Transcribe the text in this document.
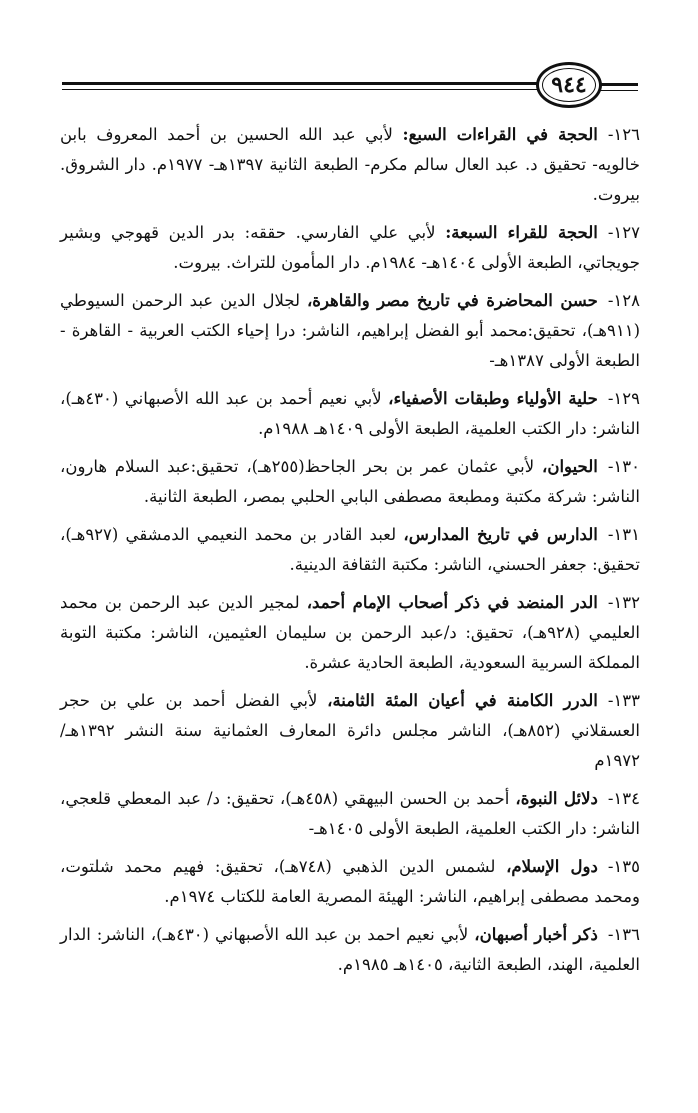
٩٤٤

١٢٦-الحجة في القراءات السبع: لأبي عبد الله الحسين بن أحمد المعروف بابن خالويه- تحقيق د. عبد العال سالم مكرم- الطبعة الثانية ١٣٩٧هـ- ١٩٧٧م. دار الشروق. بيروت.

١٢٧-الحجة للقراء السبعة: لأبي علي الفارسي. حققه: بدر الدين قهوجي وبشير جويجاتي، الطبعة الأولى ١٤٠٤هـ- ١٩٨٤م. دار المأمون للتراث. بيروت.

١٢٨-حسن المحاضرة في تاريخ مصر والقاهرة، لجلال الدين عبد الرحمن السيوطي (٩١١هـ)، تحقيق:محمد أبو الفضل إبراهيم، الناشر: درا إحياء الكتب العربية - القاهرة - الطبعة الأولى ١٣٨٧هـ-

١٢٩-حلية الأولياء وطبقات الأصفياء، لأبي نعيم أحمد بن عبد الله الأصبهاني (٤٣٠هـ)، الناشر: دار الكتب العلمية، الطبعة الأولى ١٤٠٩هـ ١٩٨٨م.

١٣٠-الحيوان، لأبي عثمان عمر بن بحر الجاحظ(٢٥٥هـ)، تحقيق:عبد السلام هارون، الناشر: شركة مكتبة ومطبعة مصطفى البابي الحلبي بمصر، الطبعة الثانية.

١٣١-الدارس في تاريخ المدارس، لعبد القادر بن محمد النعيمي الدمشقي (٩٢٧هـ)، تحقيق: جعفر الحسني، الناشر: مكتبة الثقافة الدينية.

١٣٢-الدر المنضد في ذكر أصحاب الإمام أحمد، لمجير الدين عبد الرحمن بن محمد العليمي (٩٢٨هـ)، تحقيق: د/عبد الرحمن بن سليمان العثيمين، الناشر: مكتبة التوبة المملكة السربية السعودية، الطبعة الحادية عشرة.

١٣٣-الدرر الكامنة في أعيان المئة الثامنة، لأبي الفضل أحمد بن علي بن حجر العسقلاني (٨٥٢هـ)، الناشر مجلس دائرة المعارف العثمانية سنة النشر ١٣٩٢هـ/ ١٩٧٢م

١٣٤-دلائل النبوة، أحمد بن الحسن البيهقي (٤٥٨هـ)، تحقيق: د/ عبد المعطي قلعجي، الناشر: دار الكتب العلمية، الطبعة الأولى ١٤٠٥هـ-

١٣٥-دول الإسلام، لشمس الدين الذهبي (٧٤٨هـ)، تحقيق: فهيم محمد شلتوت، ومحمد مصطفى إبراهيم، الناشر: الهيئة المصرية العامة للكتاب ١٩٧٤م.

١٣٦-ذكر أخبار أصبهان، لأبي نعيم احمد بن عبد الله الأصبهاني (٤٣٠هـ)، الناشر: الدار العلمية، الهند، الطبعة الثانية، ١٤٠٥هـ ١٩٨٥م.
